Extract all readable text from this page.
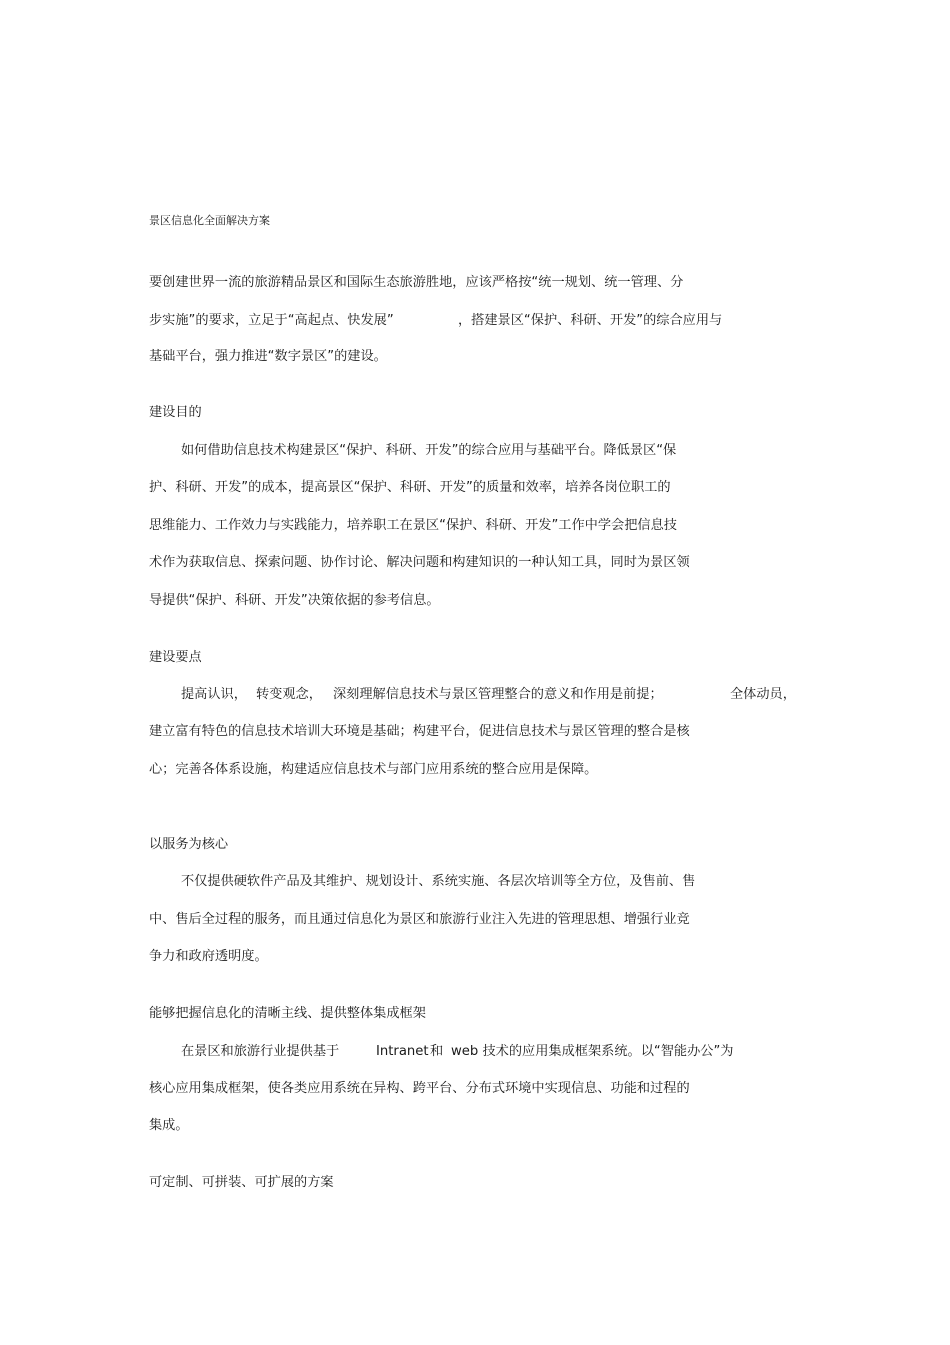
景区信息化全面解决方案
要创建世界一流的旅游精品景区和国际生态旅游胜地，应该严格按“统一规划、统一管理、分
步实施”的要求，立足于“高起点、快发展”	，搭建景区“保护、科研、开发”的综合应用与
基础平台，强力推进“数字景区”的建设。
建设目的
如何借助信息技术构建景区“保护、科研、开发”的综合应用与基础平台。降低景区“保
护、科研、开发”的成本，提高景区“保护、科研、开发”的质量和效率，培养各岗位职工的
思维能力、工作效力与实践能力，培养职工在景区“保护、科研、开发”工作中学会把信息技
术作为获取信息、探索问题、协作讨论、解决问题和构建知识的一种认知工具，同时为景区领
导提供“保护、科研、开发”决策依据的参考信息。
建设要点
提高认识， 转变观念， 深刻理解信息技术与景区管理整合的意义和作用是前提；	全体动员，
建立富有特色的信息技术培训大环境是基础；构建平台，促进信息技术与景区管理的整合是核
心；完善各体系设施，构建适应信息技术与部门应用系统的整合应用是保障。
以服务为核心
不仅提供硬软件产品及其维护、规划设计、系统实施、各层次培训等全方位，及售前、售
中、售后全过程的服务，而且通过信息化为景区和旅游行业注入先进的管理思想、增强行业竞
争力和政府透明度。
能够把握信息化的清晰主线、提供整体集成框架
在景区和旅游行业提供基于	Intranet 和 web 技术的应用集成框架系统。以“智能办公”为
核心应用集成框架，使各类应用系统在异构、跨平台、分布式环境中实现信息、功能和过程的
集成。
可定制、可拼装、可扩展的方案
